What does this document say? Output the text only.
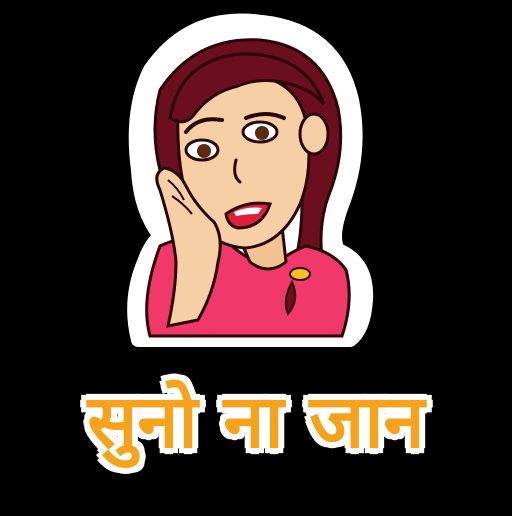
सुनो ना जान
